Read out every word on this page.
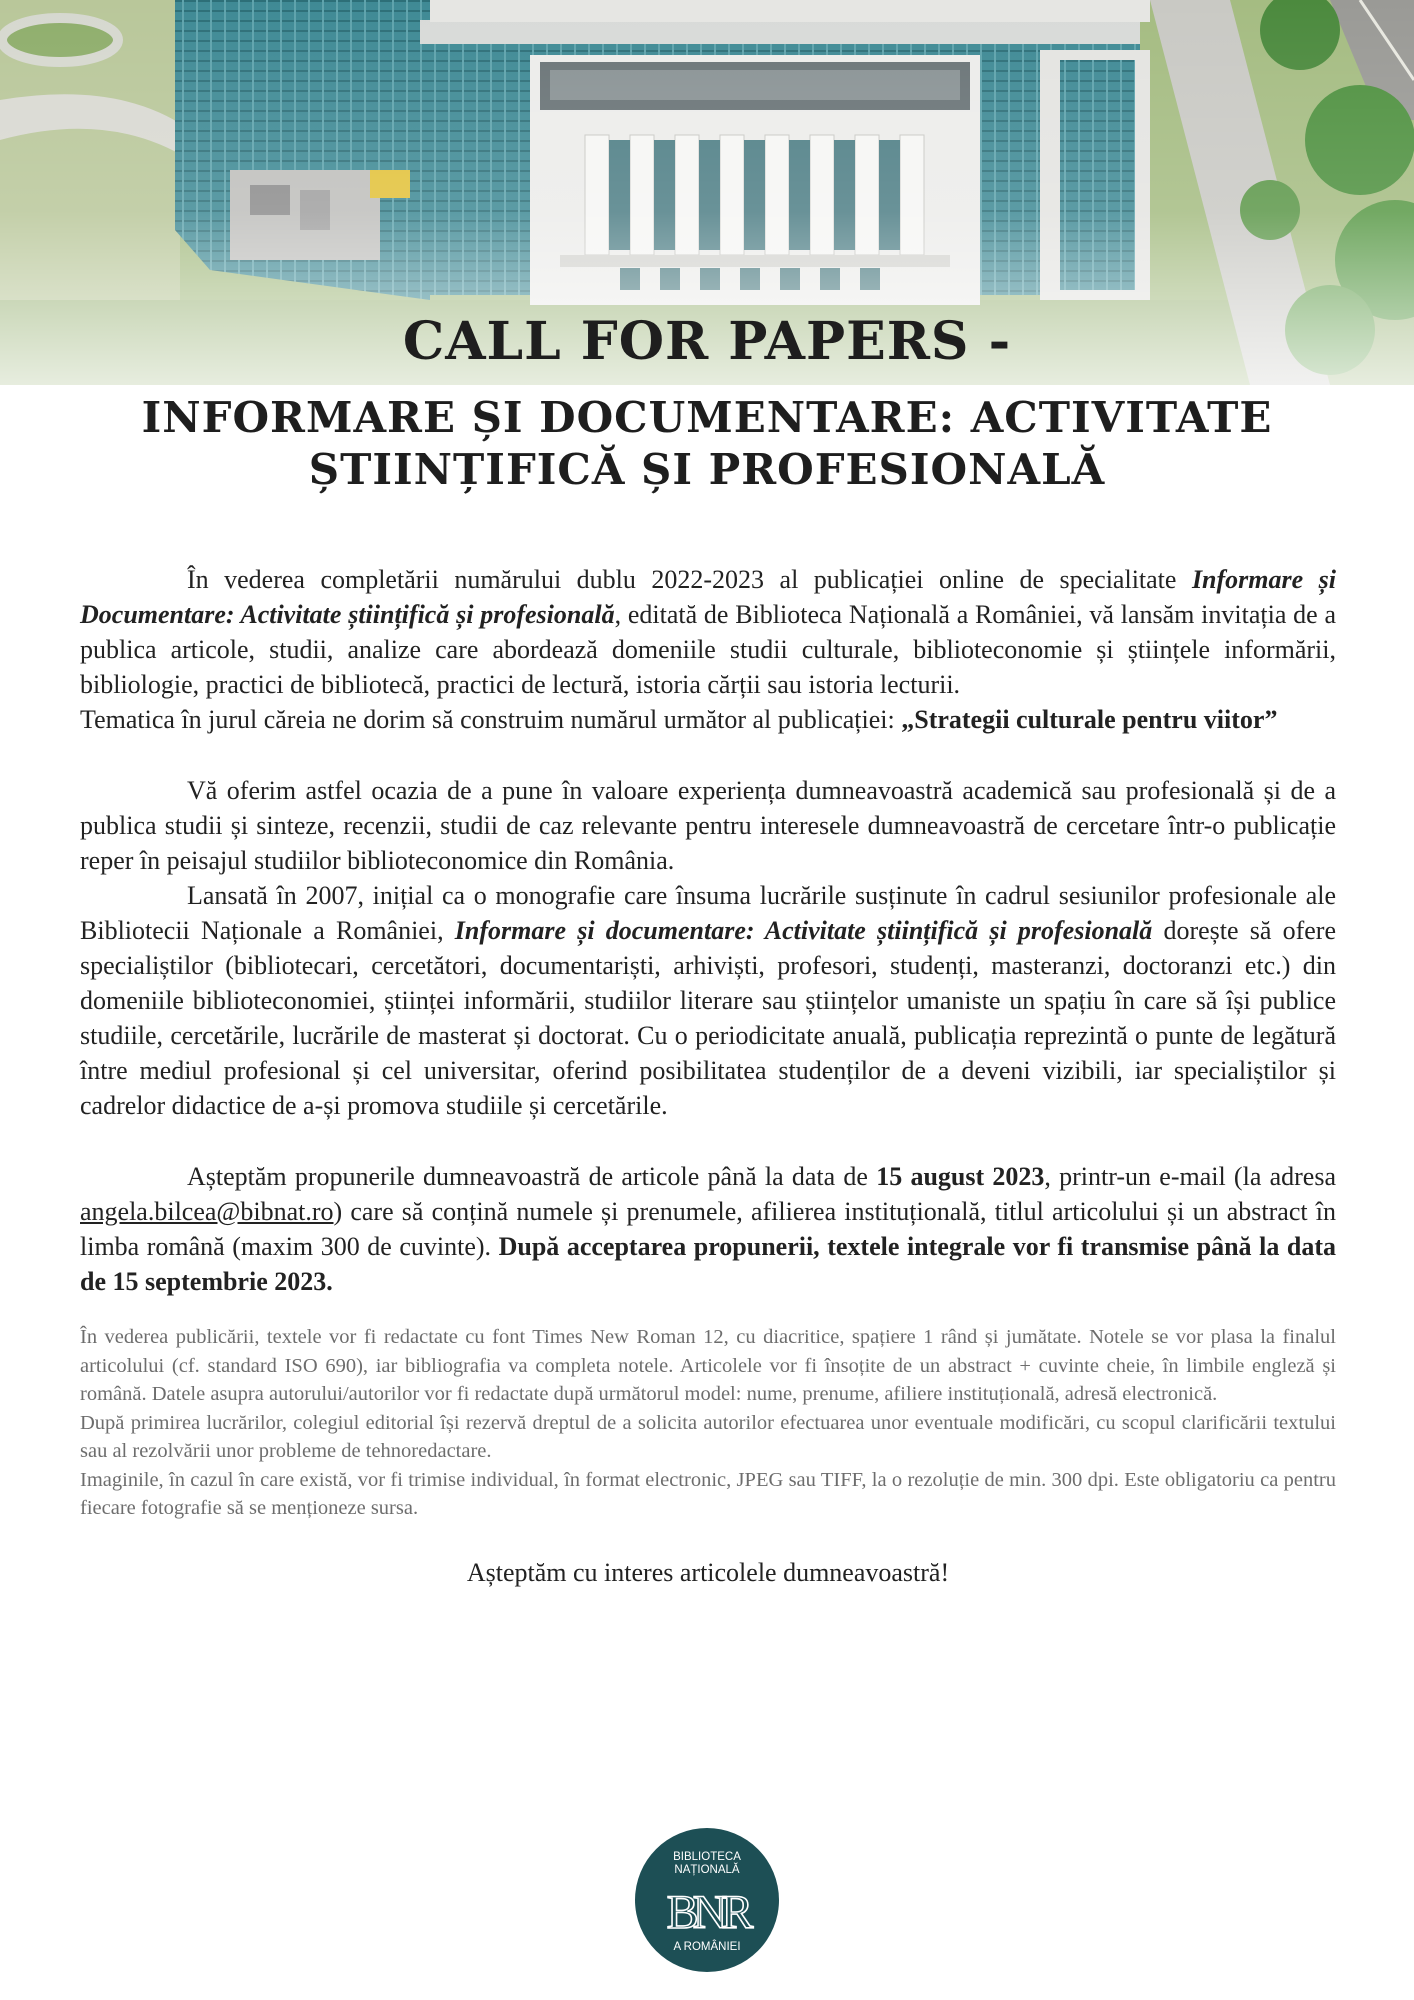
CALL FOR PAPERS -
INFORMARE ȘI DOCUMENTARE: ACTIVITATE
ȘTIINȚIFICĂ ȘI PROFESIONALĂ

În vederea completării numărului dublu 2022-2023 al publicației online de specialitate Informare și Documentare: Activitate științifică și profesională, editată de Biblioteca Națională a României, vă lansăm invitația de a publica articole, studii, analize care abordează domeniile studii culturale, biblioteconomie și științele informării, bibliologie, practici de bibliotecă, practici de lectură, istoria cărții sau istoria lecturii.

Tematica în jurul căreia ne dorim să construim numărul următor al publicației: „Strategii culturale pentru viitor”

Vă oferim astfel ocazia de a pune în valoare experiența dumneavoastră academică sau profesională și de a publica studii și sinteze, recenzii, studii de caz relevante pentru interesele dumneavoastră de cercetare într-o publicație reper în peisajul studiilor biblioteconomice din România.

Lansată în 2007, inițial ca o monografie care însuma lucrările susținute în cadrul sesiunilor profesionale ale Bibliotecii Naționale a României, Informare și documentare: Activitate științifică și profesională dorește să ofere specialiștilor (bibliotecari, cercetători, documentariști, arhiviști, profesori, studenți, masteranzi, doctoranzi etc.) din domeniile biblioteconomiei, științei informării, studiilor literare sau științelor umaniste un spațiu în care să își publice studiile, cercetările, lucrările de masterat și doctorat. Cu o periodicitate anuală, publicația reprezintă o punte de legătură între mediul profesional și cel universitar, oferind posibilitatea studenților de a deveni vizibili, iar specialiștilor și cadrelor didactice de a-și promova studiile și cercetările.

Așteptăm propunerile dumneavoastră de articole până la data de 15 august 2023, printr-un e-mail (la adresa angela.bilcea@bibnat.ro) care să conțină numele și prenumele, afilierea instituțională, titlul articolului și un abstract în limba română (maxim 300 de cuvinte). După acceptarea propunerii, textele integrale vor fi transmise până la data de 15 septembrie 2023.

În vederea publicării, textele vor fi redactate cu font Times New Roman 12, cu diacritice, spațiere 1 rând și jumătate. Notele se vor plasa la finalul articolului (cf. standard ISO 690), iar bibliografia va completa notele. Articolele vor fi însoțite de un abstract + cuvinte cheie, în limbile engleză și română. Datele asupra autorului/autorilor vor fi redactate după următorul model: nume, prenume, afiliere instituțională, adresă electronică.

După primirea lucrărilor, colegiul editorial își rezervă dreptul de a solicita autorilor efectuarea unor eventuale modificări, cu scopul clarificării textului sau al rezolvării unor probleme de tehnoredactare.

Imaginile, în cazul în care există, vor fi trimise individual, în format electronic, JPEG sau TIFF, la o rezoluție de min. 300 dpi. Este obligatoriu ca pentru fiecare fotografie să se menționeze sursa.

Așteptăm cu interes articolele dumneavoastră!

BIBLIOTECA
NAȚIONALĂ
BNR
A ROMÂNIEI
